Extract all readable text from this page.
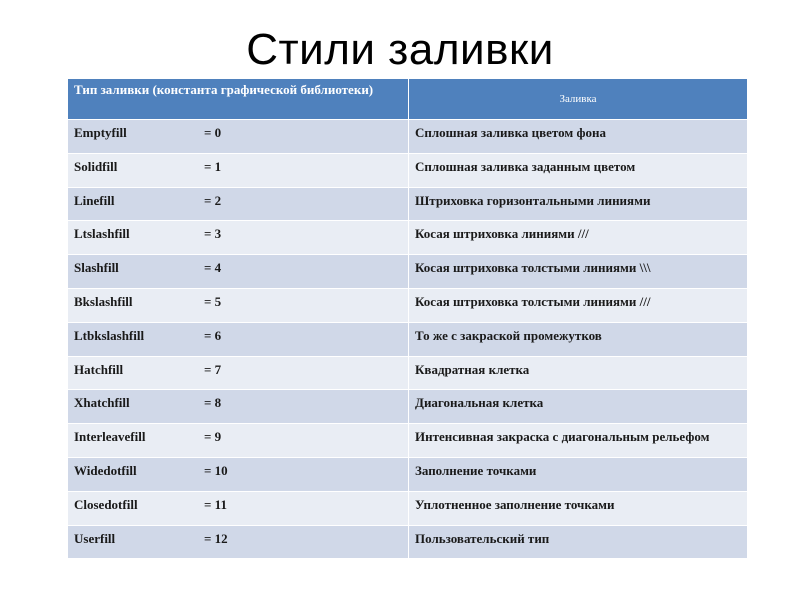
Стили заливки
Тип заливки (константа графической библиотеки)	Заливка
Emptyfill = 0	Сплошная заливка цветом фона
Solidfill = 1	Сплошная заливка заданным цветом
Linefill = 2	Штриховка горизонтальными линиями
Ltslashfill = 3	Косая штриховка линиями ///
Slashfill = 4	Косая штриховка толстыми линиями \\\
Bkslashfill = 5	Косая штриховка толстыми линиями ///
Ltbkslashfill = 6	То же с закраской промежутков
Hatchfill = 7	Квадратная клетка
Xhatchfill = 8	Диагональная клетка
Interleavefill = 9	Интенсивная закраска с диагональным рельефом
Widedotfill = 10	Заполнение точками
Closedotfill = 11	Уплотненное заполнение точками
Userfill = 12	Пользовательский тип
